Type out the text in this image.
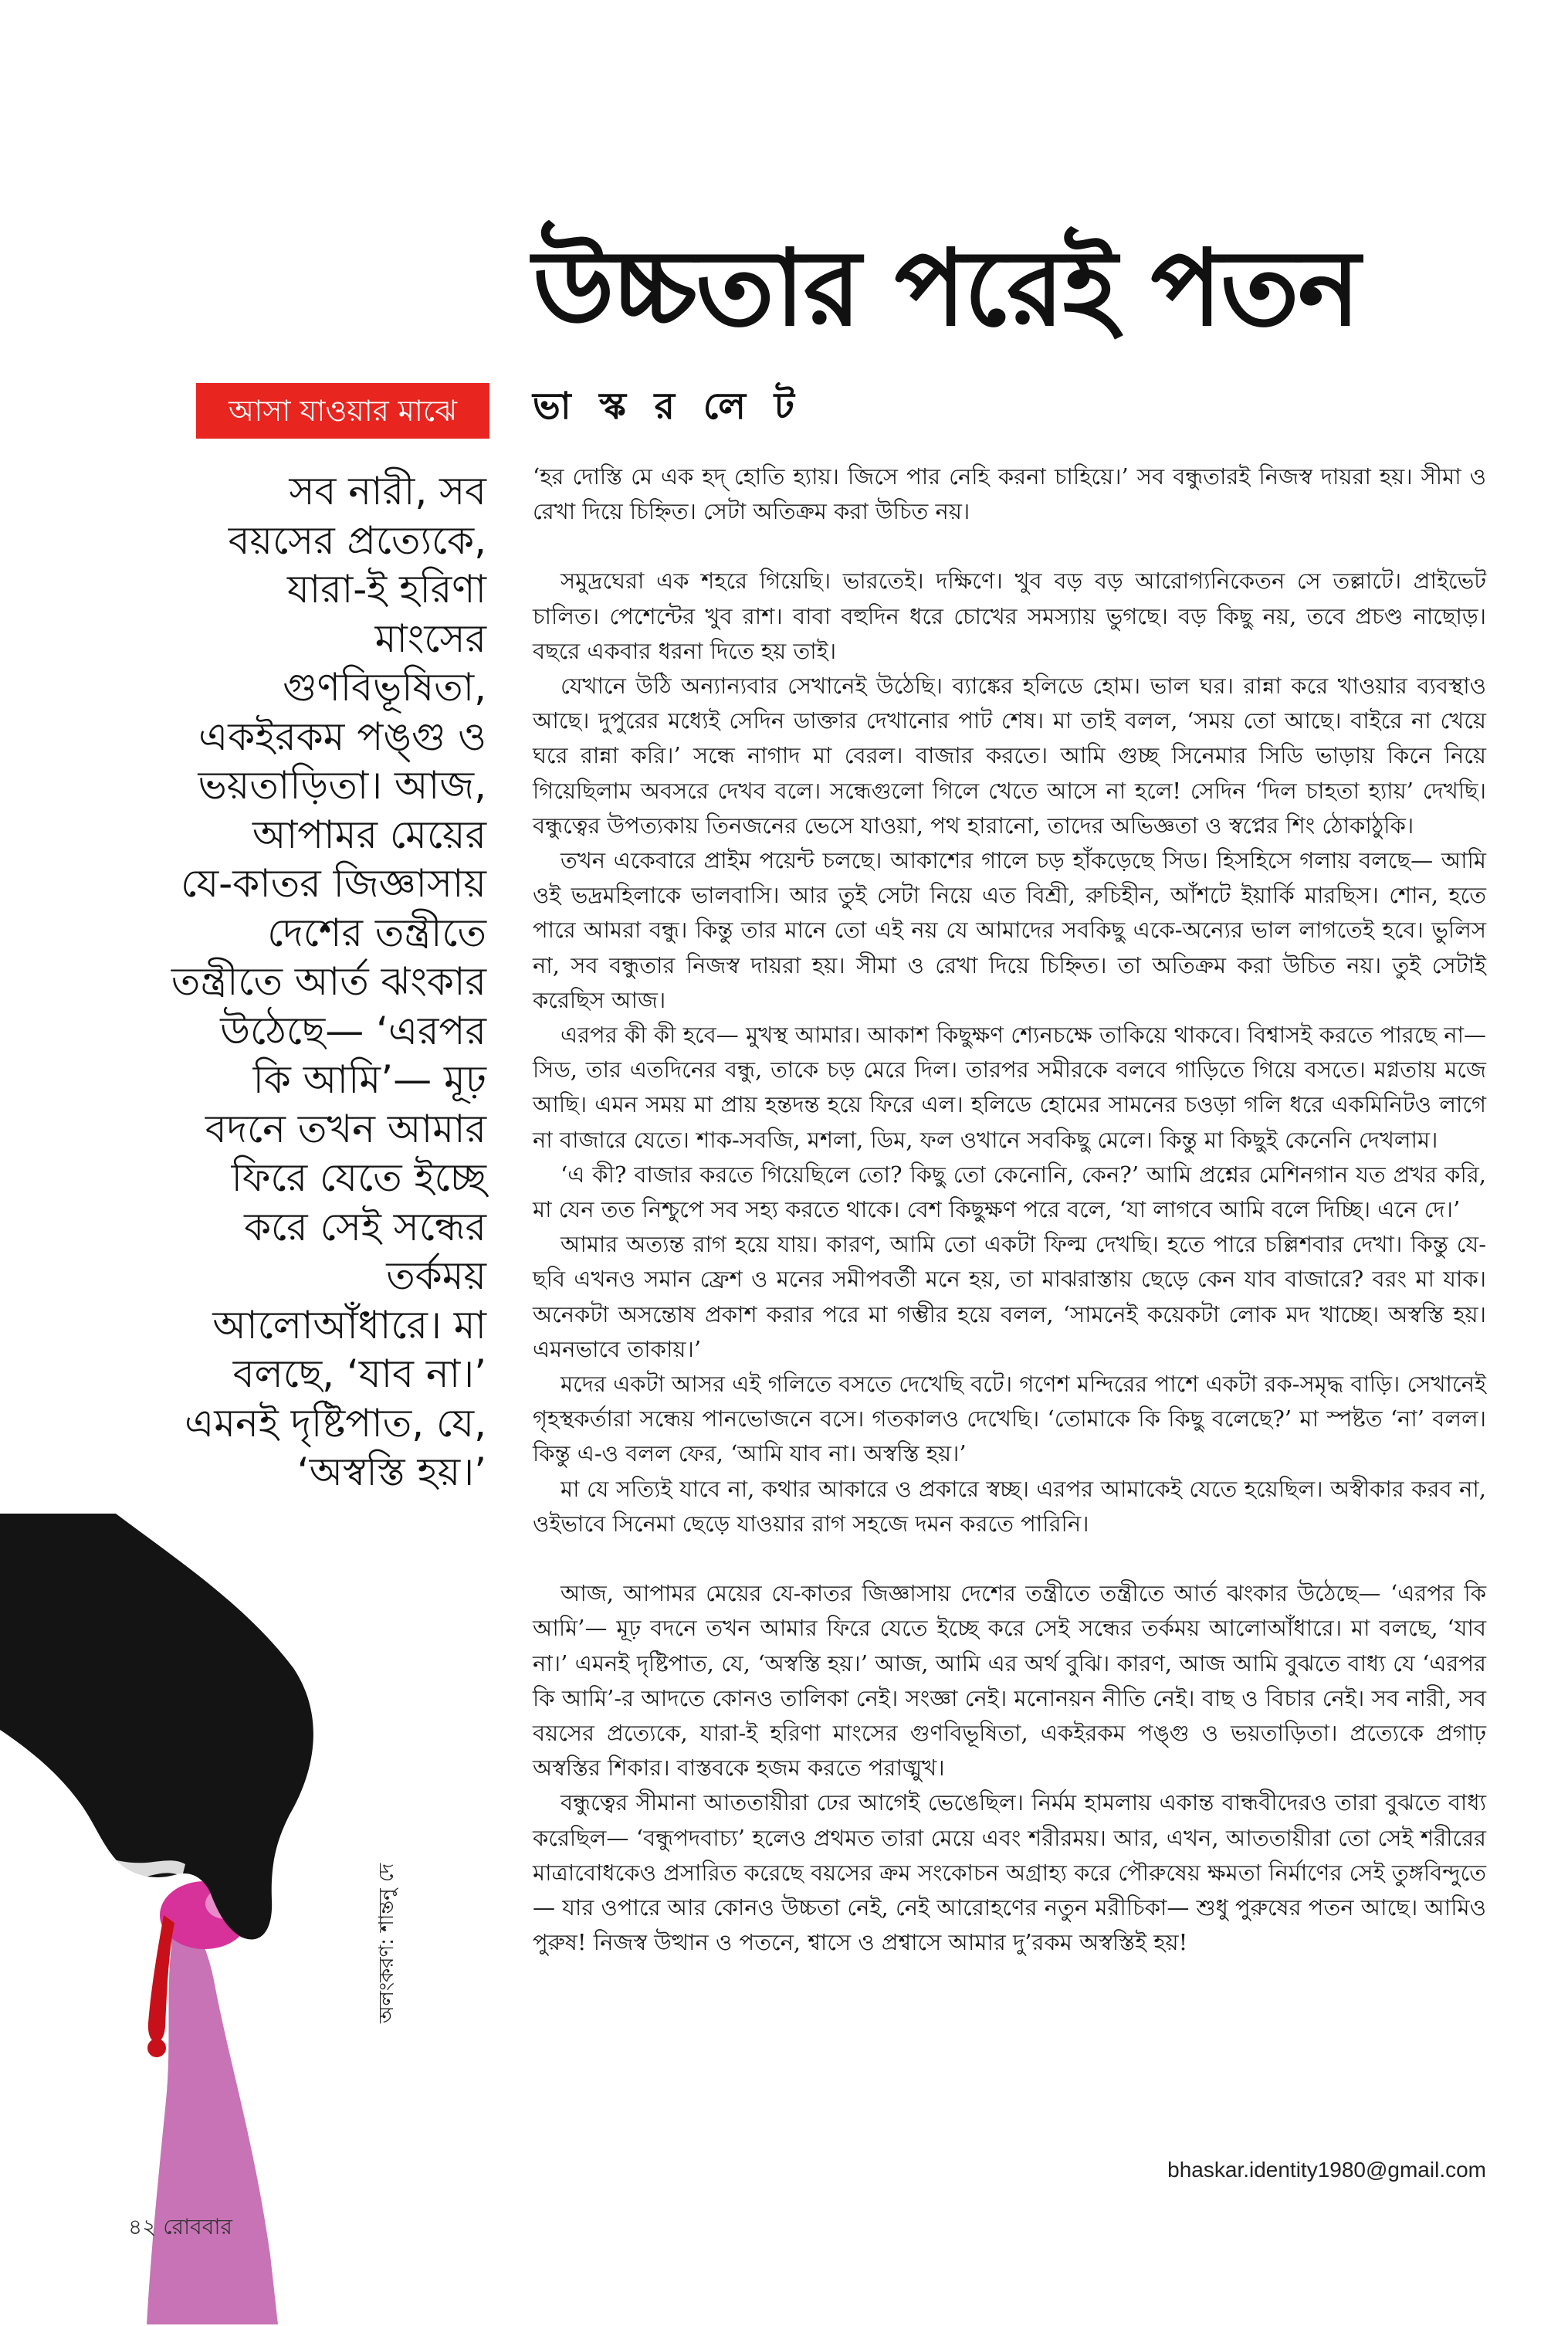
উচ্চতার পরেই পতন
ভা স্ক র লে ট
আসা যাওয়ার মাঝে
সব নারী, সব
বয়সের প্রত্যেকে,
যারা-ই হরিণা
মাংসের
গুণবিভূষিতা,
একইরকম পঙ্গু ও
ভয়তাড়িতা। আজ,
আপামর মেয়ের
যে-কাতর জিজ্ঞাসায়
দেশের তন্ত্রীতে
তন্ত্রীতে আর্ত ঝংকার
উঠেছে— ‘এরপর
কি আমি’— মূঢ়
বদনে তখন আমার
ফিরে যেতে ইচ্ছে
করে সেই সন্ধের
তর্কময়
আলোআঁধারে। মা
বলছে, ‘যাব না।’
এমনই দৃষ্টিপাত, যে,
‘অস্বস্তি হয়।’

‘হর দোস্তি মে এক হদ্‌ হোতি হ্যায়। জিসে পার নেহি করনা চাহিয়ে।’ সব বন্ধুতারই নিজস্ব দায়রা হয়। সীমা ও রেখা দিয়ে চিহ্নিত। সেটা অতিক্রম করা উচিত নয়।

সমুদ্রঘেরা এক শহরে গিয়েছি। ভারতেই। দক্ষিণে। খুব বড় বড় আরোগ্যনিকেতন সে তল্লাটে। প্রাইভেট চালিত। পেশেন্টের খুব রাশ। বাবা বহুদিন ধরে চোখের সমস্যায় ভুগছে। বড় কিছু নয়, তবে প্রচণ্ড নাছোড়। বছরে একবার ধরনা দিতে হয় তাই।

যেখানে উঠি অন্যান্যবার সেখানেই উঠেছি। ব্যাঙ্কের হলিডে হোম। ভাল ঘর। রান্না করে খাওয়ার ব্যবস্থাও আছে। দুপুরের মধ্যেই সেদিন ডাক্তার দেখানোর পাট শেষ। মা তাই বলল, ‘সময় তো আছে। বাইরে না খেয়ে ঘরে রান্না করি।’ সন্ধে নাগাদ মা বেরল। বাজার করতে। আমি গুচ্ছ সিনেমার সিডি ভাড়ায় কিনে নিয়ে গিয়েছিলাম অবসরে দেখব বলে। সন্ধেগুলো গিলে খেতে আসে না হলে! সেদিন ‘দিল চাহতা হ্যায়’ দেখছি। বন্ধুত্বের উপত্যকায় তিনজনের ভেসে যাওয়া, পথ হারানো, তাদের অভিজ্ঞতা ও স্বপ্নের শিং ঠোকাঠুকি।

তখন একেবারে প্রাইম পয়েন্ট চলছে। আকাশের গালে চড় হাঁকড়েছে সিড। হিসহিসে গলায় বলছে— আমি ওই ভদ্রমহিলাকে ভালবাসি। আর তুই সেটা নিয়ে এত বিশ্রী, রুচিহীন, আঁশটে ইয়ার্কি মারছিস। শোন, হতে পারে আমরা বন্ধু। কিন্তু তার মানে তো এই নয় যে আমাদের সবকিছু একে-অন্যের ভাল লাগতেই হবে। ভুলিস না, সব বন্ধুতার নিজস্ব দায়রা হয়। সীমা ও রেখা দিয়ে চিহ্নিত। তা অতিক্রম করা উচিত নয়। তুই সেটাই করেছিস আজ।

এরপর কী কী হবে— মুখস্থ আমার। আকাশ কিছুক্ষণ শ্যেনচক্ষে তাকিয়ে থাকবে। বিশ্বাসই করতে পারছে না— সিড, তার এতদিনের বন্ধু, তাকে চড় মেরে দিল। তারপর সমীরকে বলবে গাড়িতে গিয়ে বসতে। মগ্নতায় মজে আছি। এমন সময় মা প্রায় হন্তদন্ত হয়ে ফিরে এল। হলিডে হোমের সামনের চওড়া গলি ধরে একমিনিটও লাগে না বাজারে যেতে। শাক-সবজি, মশলা, ডিম, ফল ওখানে সবকিছু মেলে। কিন্তু মা কিছুই কেনেনি দেখলাম।

‘এ কী? বাজার করতে গিয়েছিলে তো? কিছু তো কেনোনি, কেন?’ আমি প্রশ্নের মেশিনগান যত প্রখর করি, মা যেন তত নিশ্চুপে সব সহ্য করতে থাকে। বেশ কিছুক্ষণ পরে বলে, ‘যা লাগবে আমি বলে দিচ্ছি। এনে দে।’

আমার অত্যন্ত রাগ হয়ে যায়। কারণ, আমি তো একটা ফিল্ম দেখছি। হতে পারে চল্লিশবার দেখা। কিন্তু যে-ছবি এখনও সমান ফ্রেশ ও মনের সমীপবর্তী মনে হয়, তা মাঝরাস্তায় ছেড়ে কেন যাব বাজারে? বরং মা যাক। অনেকটা অসন্তোষ প্রকাশ করার পরে মা গম্ভীর হয়ে বলল, ‘সামনেই কয়েকটা লোক মদ খাচ্ছে। অস্বস্তি হয়। এমনভাবে তাকায়।’

মদের একটা আসর এই গলিতে বসতে দেখেছি বটে। গণেশ মন্দিরের পাশে একটা রক-সমৃদ্ধ বাড়ি। সেখানেই গৃহস্থকর্তারা সন্ধেয় পানভোজনে বসে। গতকালও দেখেছি। ‘তোমাকে কি কিছু বলেছে?’ মা স্পষ্টত ‘না’ বলল। কিন্তু এ-ও বলল ফের, ‘আমি যাব না। অস্বস্তি হয়।’

মা যে সত্যিই যাবে না, কথার আকারে ও প্রকারে স্বচ্ছ। এরপর আমাকেই যেতে হয়েছিল। অস্বীকার করব না, ওইভাবে সিনেমা ছেড়ে যাওয়ার রাগ সহজে দমন করতে পারিনি।

আজ, আপামর মেয়ের যে-কাতর জিজ্ঞাসায় দেশের তন্ত্রীতে তন্ত্রীতে আর্ত ঝংকার উঠেছে— ‘এরপর কি আমি’— মূঢ় বদনে তখন আমার ফিরে যেতে ইচ্ছে করে সেই সন্ধের তর্কময় আলোআঁধারে। মা বলছে, ‘যাব না।’ এমনই দৃষ্টিপাত, যে, ‘অস্বস্তি হয়।’ আজ, আমি এর অর্থ বুঝি। কারণ, আজ আমি বুঝতে বাধ্য যে ‘এরপর কি আমি’-র আদতে কোনও তালিকা নেই। সংজ্ঞা নেই। মনোনয়ন নীতি নেই। বাছ ও বিচার নেই। সব নারী, সব বয়সের প্রত্যেকে, যারা-ই হরিণা মাংসের গুণবিভূষিতা, একইরকম পঙ্গু ও ভয়তাড়িতা। প্রত্যেকে প্রগাঢ় অস্বস্তির শিকার। বাস্তবকে হজম করতে পরাঙ্মুখ।

বন্ধুত্বের সীমানা আততায়ীরা ঢের আগেই ভেঙেছিল। নির্মম হামলায় একান্ত বান্ধবীদেরও তারা বুঝতে বাধ্য করেছিল— ‘বন্ধুপদবাচ্য’ হলেও প্রথমত তারা মেয়ে এবং শরীরময়। আর, এখন, আততায়ীরা তো সেই শরীরের মাত্রাবোধকেও প্রসারিত করেছে বয়সের ক্রম সংকোচন অগ্রাহ্য করে পৌরুষেয় ক্ষমতা নির্মাণের সেই তুঙ্গবিন্দুতে— যার ওপারে আর কোনও উচ্চতা নেই, নেই আরোহণের নতুন মরীচিকা— শুধু পুরুষের পতন আছে। আমিও পুরুষ! নিজস্ব উত্থান ও পতনে, শ্বাসে ও প্রশ্বাসে আমার দু’রকম অস্বস্তিই হয়!

bhaskar.identity1980@gmail.com
অলংকরণ: শান্তনু দে
৪২ রোববার
